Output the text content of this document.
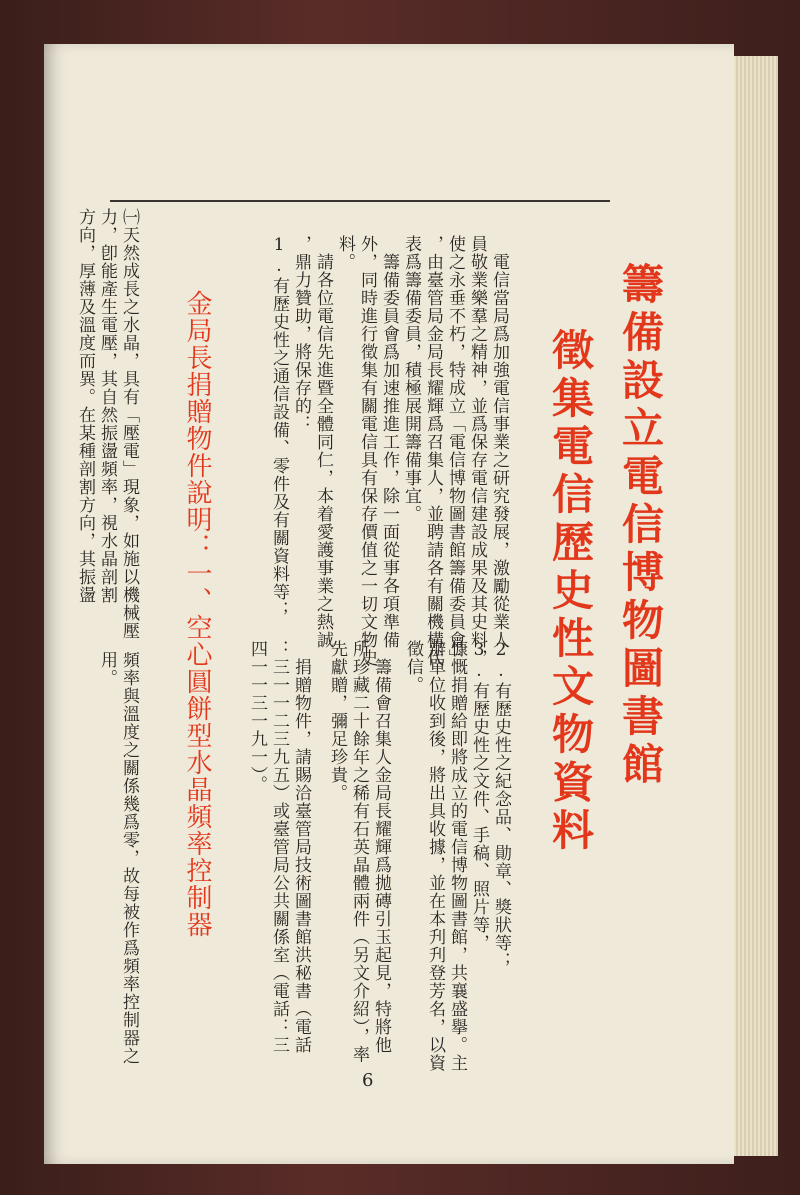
籌備設立電信博物圖書館
徵集電信歷史性文物資料
　電信當局爲加強電信事業之研究發展，激勵從業人
員敬業樂羣之精神，並爲保存電信建設成果及其史料，
使之永垂不朽，特成立「電信博物圖書館籌備委員會」
，由臺管局金局長耀輝爲召集人，並聘請各有關機構代
表爲籌備委員，積極展開籌備事宜。
　籌備委員會爲加速推進工作，除一面從事各項準備
外，同時進行徵集有關電信具有保存價值之一切文物史
料。
　請各位電信先進暨全體同仁，本着愛護事業之熱誠
，鼎力贊助，將保存的：
1.有歷史性之通信設備、零件及有關資料等；
2.有歷史性之紀念品、勛章、獎狀等；
3.有歷史性之文件、手稿、照片等，
慷慨捐贈給即將成立的電信博物圖書館，共襄盛擧。主
辦單位收到後，將出具收據，並在本刋刋登芳名，以資
徵信。
　籌備會召集人金局長耀輝爲拋磚引玉起見，特將他
所珍藏二十餘年之稀有石英晶體兩件（另文介紹），率
先獻贈，彌足珍貴。
　捐贈物件，請賜洽臺管局技術圖書館洪秘書（電話
：三一一二三九五）或臺管局公共關係室（電話：三
四一一三一九一）。
金局長捐贈物件說明：一、空心圓餅型水晶頻率控制器
㈠天然成長之水晶，具有「壓電」現象，如施以機械壓
力，卽能產生電壓，其自然振盪頻率，視水晶剖割
方向，厚薄及溫度而異。在某種剖割方向，其振盪
　　頻率與溫度之關係幾爲零，故每被作爲頻率控制器之
　　用。
6
